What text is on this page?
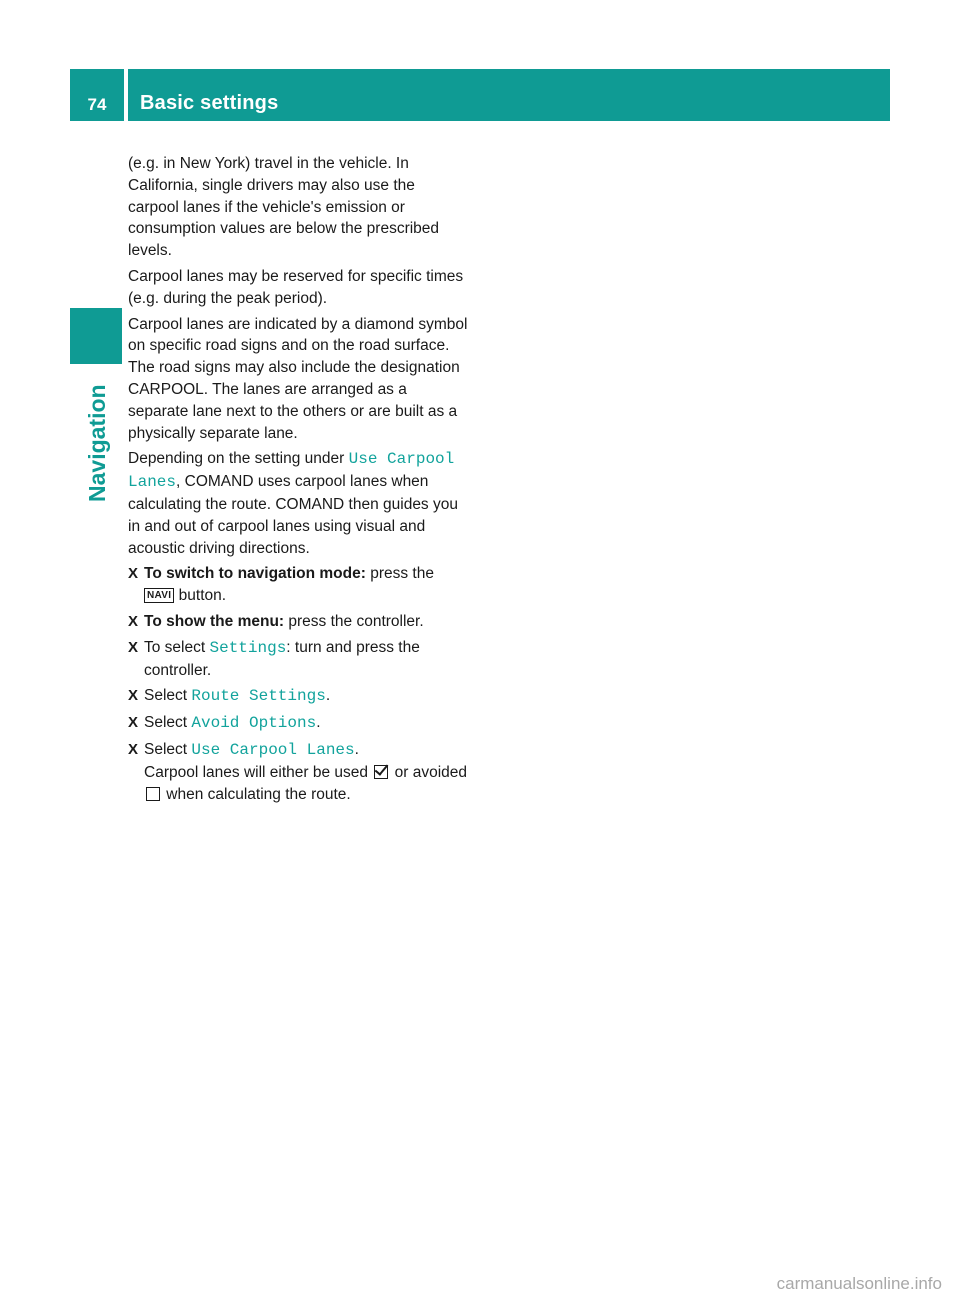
74	Basic settings
Navigation

(e.g. in New York) travel in the vehicle. In California, single drivers may also use the carpool lanes if the vehicle's emission or consumption values are below the prescribed levels.

Carpool lanes may be reserved for specific times (e.g. during the peak period).

Carpool lanes are indicated by a diamond symbol on specific road signs and on the road surface. The road signs may also include the designation CARPOOL. The lanes are arranged as a separate lane next to the others or are built as a physically separate lane.

Depending on the setting under Use Carpool Lanes, COMAND uses carpool lanes when calculating the route. COMAND then guides you in and out of carpool lanes using visual and acoustic driving directions.

X To switch to navigation mode: press the
NAVI button.
X To show the menu: press the controller.
X To select Settings: turn and press the controller.
X Select Route Settings.
X Select Avoid Options.
X Select Use Carpool Lanes.
Carpool lanes will either be used  or avoided  when calculating the route.
carmanualsonline.info
